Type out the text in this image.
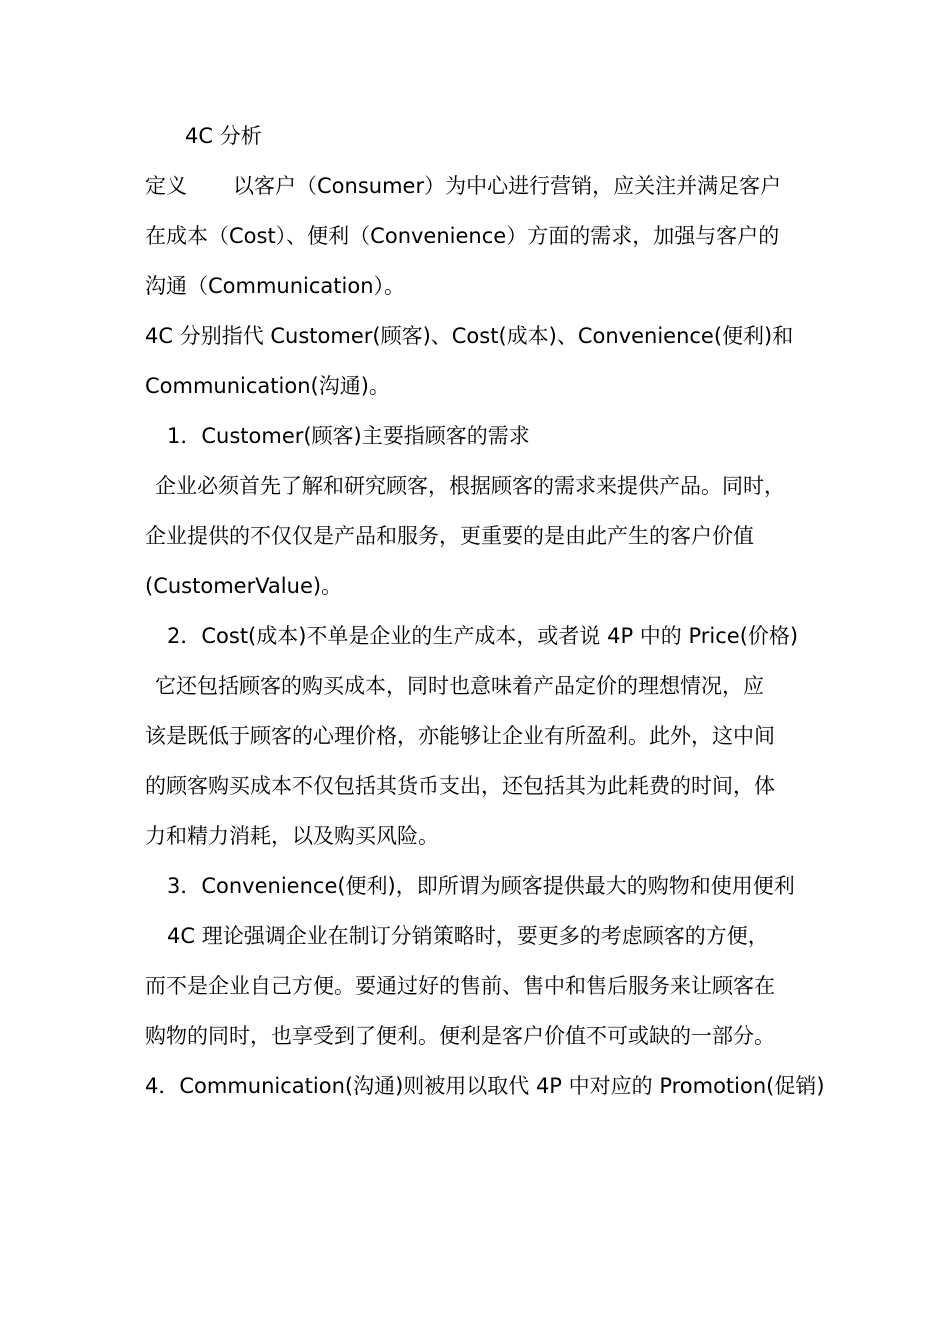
4C 分析
定义 以客户（Consumer）为中心进行营销，应关注并满足客户
在成本（Cost）、便利（Convenience）方面的需求，加强与客户的
沟通（Communication）。
4C 分别指代 Customer(顾客)、Cost(成本)、Convenience(便利)和
Communication(沟通)。
1．Customer(顾客)主要指顾客的需求
企业必须首先了解和研究顾客，根据顾客的需求来提供产品。同时，
企业提供的不仅仅是产品和服务，更重要的是由此产生的客户价值
(CustomerValue)。
2．Cost(成本)不单是企业的生产成本，或者说 4P 中的 Price(价格)
它还包括顾客的购买成本，同时也意味着产品定价的理想情况，应
该是既低于顾客的心理价格，亦能够让企业有所盈利。此外，这中间
的顾客购买成本不仅包括其货币支出，还包括其为此耗费的时间，体
力和精力消耗，以及购买风险。
3．Convenience(便利)，即所谓为顾客提供最大的购物和使用便利
4C 理论强调企业在制订分销策略时，要更多的考虑顾客的方便，
而不是企业自己方便。要通过好的售前、售中和售后服务来让顾客在
购物的同时，也享受到了便利。便利是客户价值不可或缺的一部分。
4．Communication(沟通)则被用以取代 4P 中对应的 Promotion(促销)
